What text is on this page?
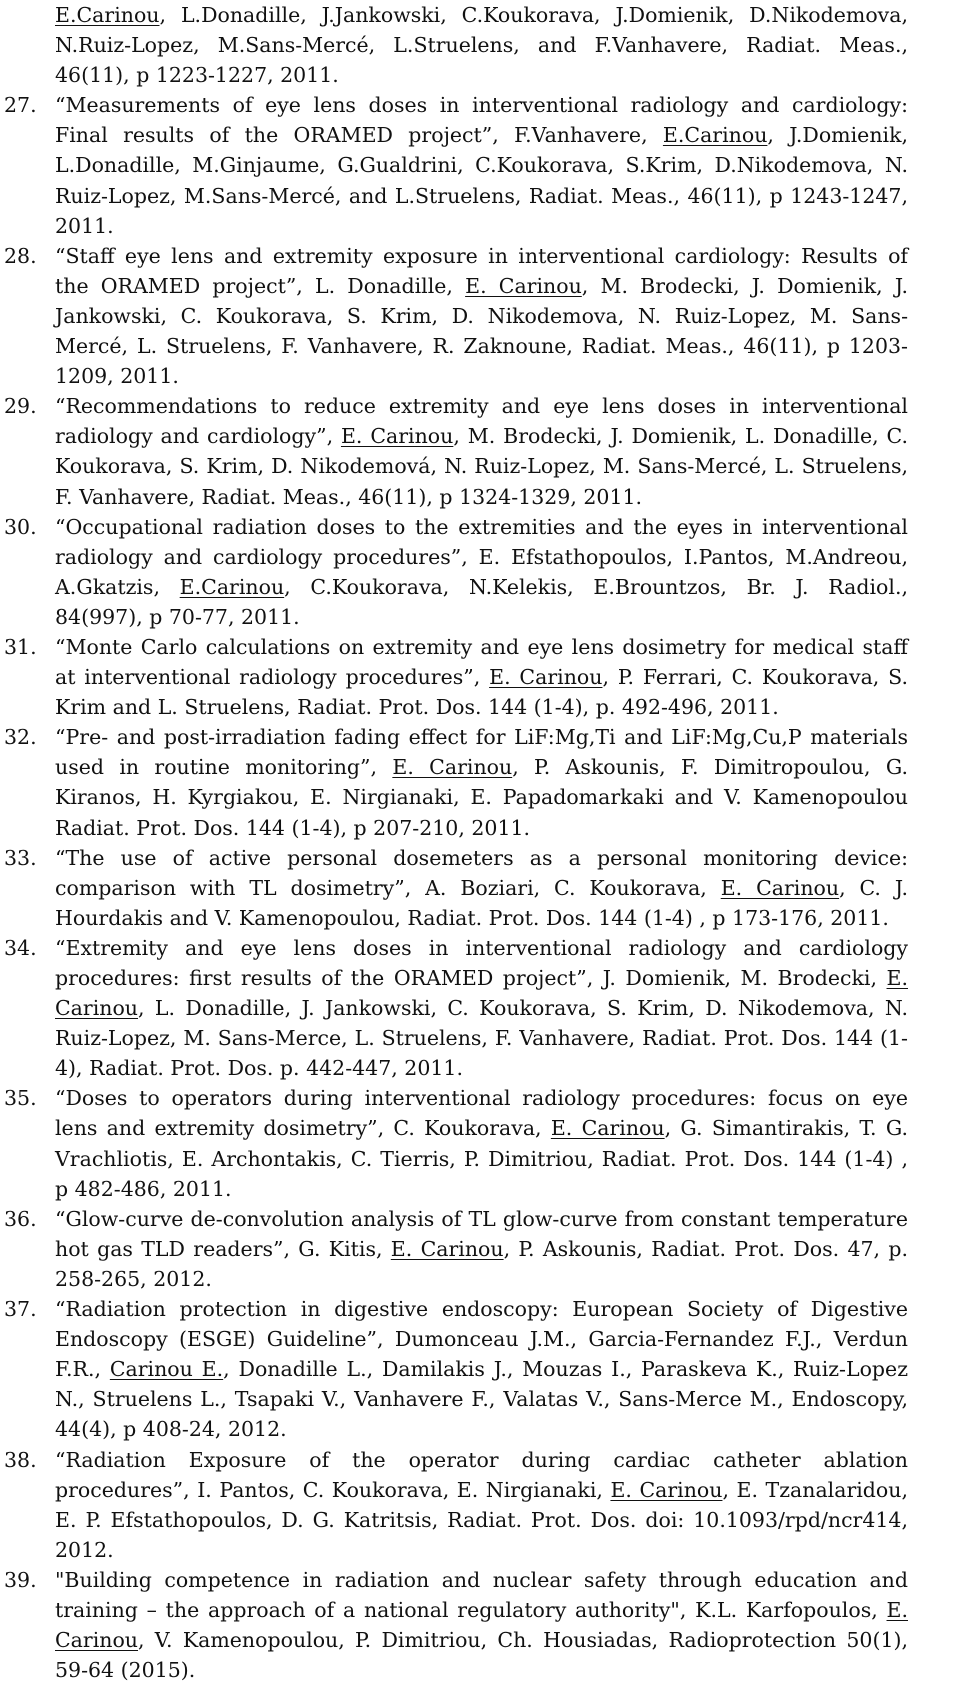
E.Carinou, L.Donadille, J.Jankowski, C.Koukorava, J.Domienik, D.Nikodemova, N.Ruiz-Lopez, M.Sans-Mercé, L.Struelens, and F.Vanhavere, Radiat. Meas., 46(11), p 1223-1227, 2011.
27. “Measurements of eye lens doses in interventional radiology and cardiology: Final results of the ORAMED project”, F.Vanhavere, E.Carinou, J.Domienik, L.Donadille, M.Ginjaume, G.Gualdrini, C.Koukorava, S.Krim, D.Nikodemova, N. Ruiz-Lopez, M.Sans-Mercé, and L.Struelens, Radiat. Meas., 46(11), p 1243-1247, 2011.
28. “Staff eye lens and extremity exposure in interventional cardiology: Results of the ORAMED project”, L. Donadille, E. Carinou, M. Brodecki, J. Domienik, J. Jankowski, C. Koukorava, S. Krim, D. Nikodemova, N. Ruiz-Lopez, M. Sans-Mercé, L. Struelens, F. Vanhavere, R. Zaknoune, Radiat. Meas., 46(11), p 1203-1209, 2011.
29. “Recommendations to reduce extremity and eye lens doses in interventional radiology and cardiology”, E. Carinou, M. Brodecki, J. Domienik, L. Donadille, C. Koukorava, S. Krim, D. Nikodemová, N. Ruiz-Lopez, M. Sans-Mercé, L. Struelens, F. Vanhavere, Radiat. Meas., 46(11), p 1324-1329, 2011.
30. “Occupational radiation doses to the extremities and the eyes in interventional radiology and cardiology procedures”, E. Efstathopoulos, I.Pantos, M.Andreou, A.Gkatzis, E.Carinou, C.Koukorava, N.Kelekis, E.Brountzos, Br. J. Radiol., 84(997), p 70-77, 2011.
31. “Monte Carlo calculations on extremity and eye lens dosimetry for medical staff at interventional radiology procedures”, E. Carinou, P. Ferrari, C. Koukorava, S. Krim and L. Struelens, Radiat. Prot. Dos. 144 (1-4), p. 492-496, 2011.
32. “Pre- and post-irradiation fading effect for LiF:Mg,Ti and LiF:Mg,Cu,P materials used in routine monitoring”, E. Carinou, P. Askounis, F. Dimitropoulou, G. Kiranos, H. Kyrgiakou, E. Nirgianaki, E. Papadomarkaki and V. Kamenopoulou Radiat. Prot. Dos. 144 (1-4), p 207-210, 2011.
33. “The use of active personal dosemeters as a personal monitoring device: comparison with TL dosimetry”, A. Boziari, C. Koukorava, E. Carinou, C. J. Hourdakis and V. Kamenopoulou, Radiat. Prot. Dos. 144 (1-4) , p 173-176, 2011.
34. “Extremity and eye lens doses in interventional radiology and cardiology procedures: first results of the ORAMED project”, J. Domienik, M. Brodecki, E. Carinou, L. Donadille, J. Jankowski, C. Koukorava, S. Krim, D. Nikodemova, N. Ruiz-Lopez, M. Sans-Merce, L. Struelens, F. Vanhavere, Radiat. Prot. Dos. 144 (1-4), Radiat. Prot. Dos. p. 442-447, 2011.
35. “Doses to operators during interventional radiology procedures: focus on eye lens and extremity dosimetry”, C. Koukorava, E. Carinou, G. Simantirakis, T. G. Vrachliotis, E. Archontakis, C. Tierris, P. Dimitriou, Radiat. Prot. Dos. 144 (1-4) , p 482-486, 2011.
36. “Glow-curve de-convolution analysis of TL glow-curve from constant temperature hot gas TLD readers”, G. Kitis, E. Carinou, P. Askounis, Radiat. Prot. Dos. 47, p. 258-265, 2012.
37. “Radiation protection in digestive endoscopy: European Society of Digestive Endoscopy (ESGE) Guideline”, Dumonceau J.M., Garcia-Fernandez F.J., Verdun F.R., Carinou E., Donadille L., Damilakis J., Mouzas I., Paraskeva K., Ruiz-Lopez N., Struelens L., Tsapaki V., Vanhavere F., Valatas V., Sans-Merce M., Endoscopy, 44(4), p 408-24, 2012.
38. “Radiation Exposure of the operator during cardiac catheter ablation procedures”, I. Pantos, C. Koukorava, E. Nirgianaki, E. Carinou, E. Tzanalaridou, E. P. Efstathopoulos, D. G. Katritsis, Radiat. Prot. Dos. doi: 10.1093/rpd/ncr414, 2012.
39. "Building competence in radiation and nuclear safety through education and training – the approach of a national regulatory authority", K.L. Karfopoulos, E. Carinou, V. Kamenopoulou, P. Dimitriou, Ch. Housiadas, Radioprotection 50(1), 59-64 (2015).
